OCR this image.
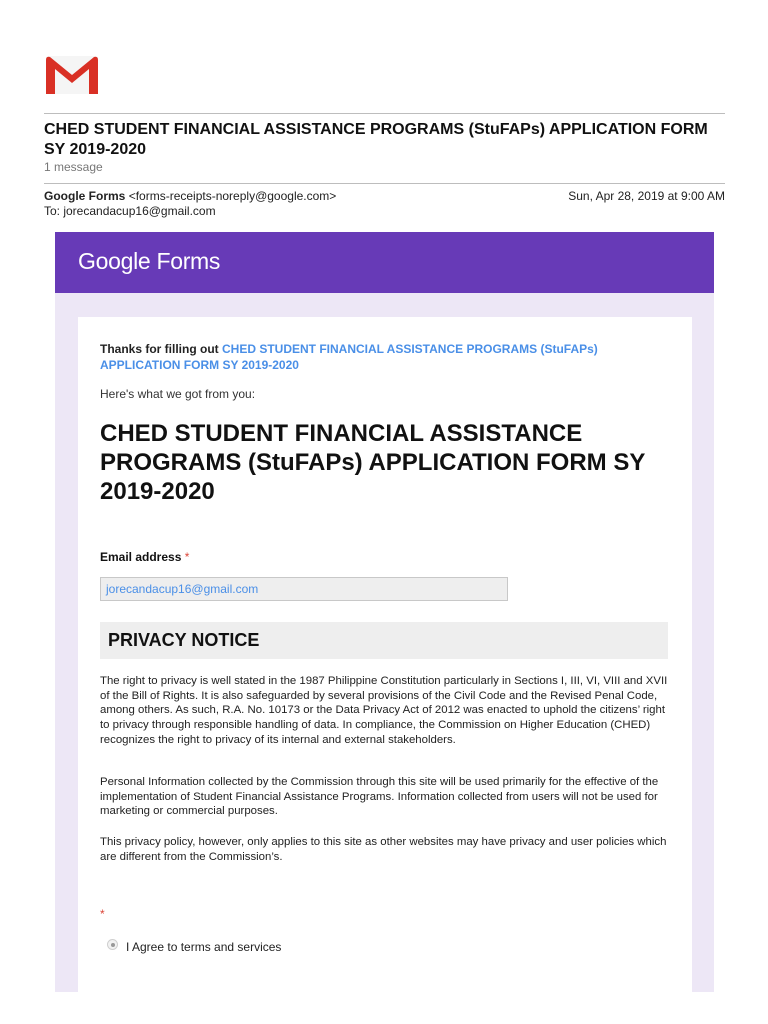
CHED STUDENT FINANCIAL ASSISTANCE PROGRAMS (StuFAPs) APPLICATION FORM SY 2019-2020
1 message
Google Forms <forms-receipts-noreply@google.com>	Sun, Apr 28, 2019 at 9:00 AM
To: jorecandacup16@gmail.com
Google Forms
Thanks for filling out CHED STUDENT FINANCIAL ASSISTANCE PROGRAMS (StuFAPs) APPLICATION FORM SY 2019-2020
Here's what we got from you:
CHED STUDENT FINANCIAL ASSISTANCE PROGRAMS (StuFAPs) APPLICATION FORM SY 2019-2020
Email address *
jorecandacup16@gmail.com
PRIVACY NOTICE
The right to privacy is well stated in the 1987 Philippine Constitution particularly in Sections I, III, VI, VIII and XVII of the Bill of Rights. It is also safeguarded by several provisions of the Civil Code and the Revised Penal Code, among others. As such, R.A. No. 10173 or the Data Privacy Act of 2012 was enacted to uphold the citizens’ right to privacy through responsible handling of data. In compliance, the Commission on Higher Education (CHED) recognizes the right to privacy of its internal and external stakeholders.
Personal Information collected by the Commission through this site will be used primarily for the effective of the implementation of Student Financial Assistance Programs. Information collected from users will not be used for marketing or commercial purposes.
This privacy policy, however, only applies to this site as other websites may have privacy and user policies which are different from the Commission’s.
*
I Agree to terms and services
